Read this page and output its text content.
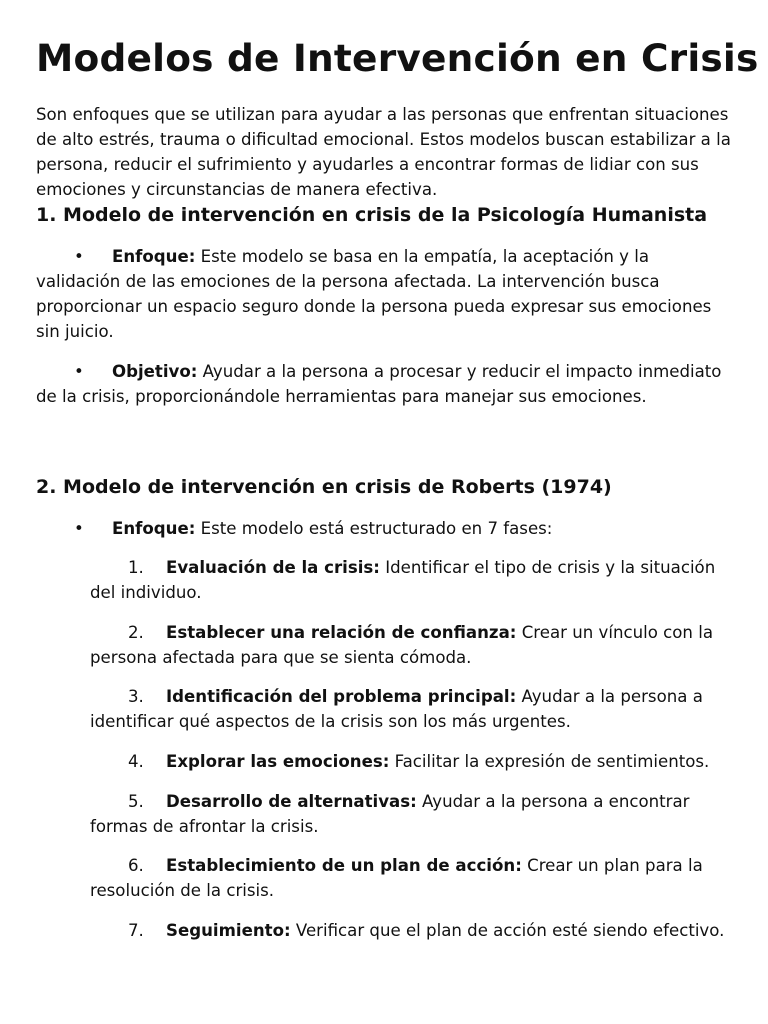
Modelos de Intervención en Crisis

Son enfoques que se utilizan para ayudar a las personas que enfrentan situaciones de alto estrés, trauma o dificultad emocional. Estos modelos buscan estabilizar a la persona, reducir el sufrimiento y ayudarles a encontrar formas de lidiar con sus emociones y circunstancias de manera efectiva.

1. Modelo de intervención en crisis de la Psicología Humanista

• Enfoque: Este modelo se basa en la empatía, la aceptación y la validación de las emociones de la persona afectada. La intervención busca proporcionar un espacio seguro donde la persona pueda expresar sus emociones sin juicio.

• Objetivo: Ayudar a la persona a procesar y reducir el impacto inmediato de la crisis, proporcionándole herramientas para manejar sus emociones.

2. Modelo de intervención en crisis de Roberts (1974)

• Enfoque: Este modelo está estructurado en 7 fases:

1. Evaluación de la crisis: Identificar el tipo de crisis y la situación del individuo.

2. Establecer una relación de confianza: Crear un vínculo con la persona afectada para que se sienta cómoda.

3. Identificación del problema principal: Ayudar a la persona a identificar qué aspectos de la crisis son los más urgentes.

4. Explorar las emociones: Facilitar la expresión de sentimientos.

5. Desarrollo de alternativas: Ayudar a la persona a encontrar formas de afrontar la crisis.

6. Establecimiento de un plan de acción: Crear un plan para la resolución de la crisis.

7. Seguimiento: Verificar que el plan de acción esté siendo efectivo.
